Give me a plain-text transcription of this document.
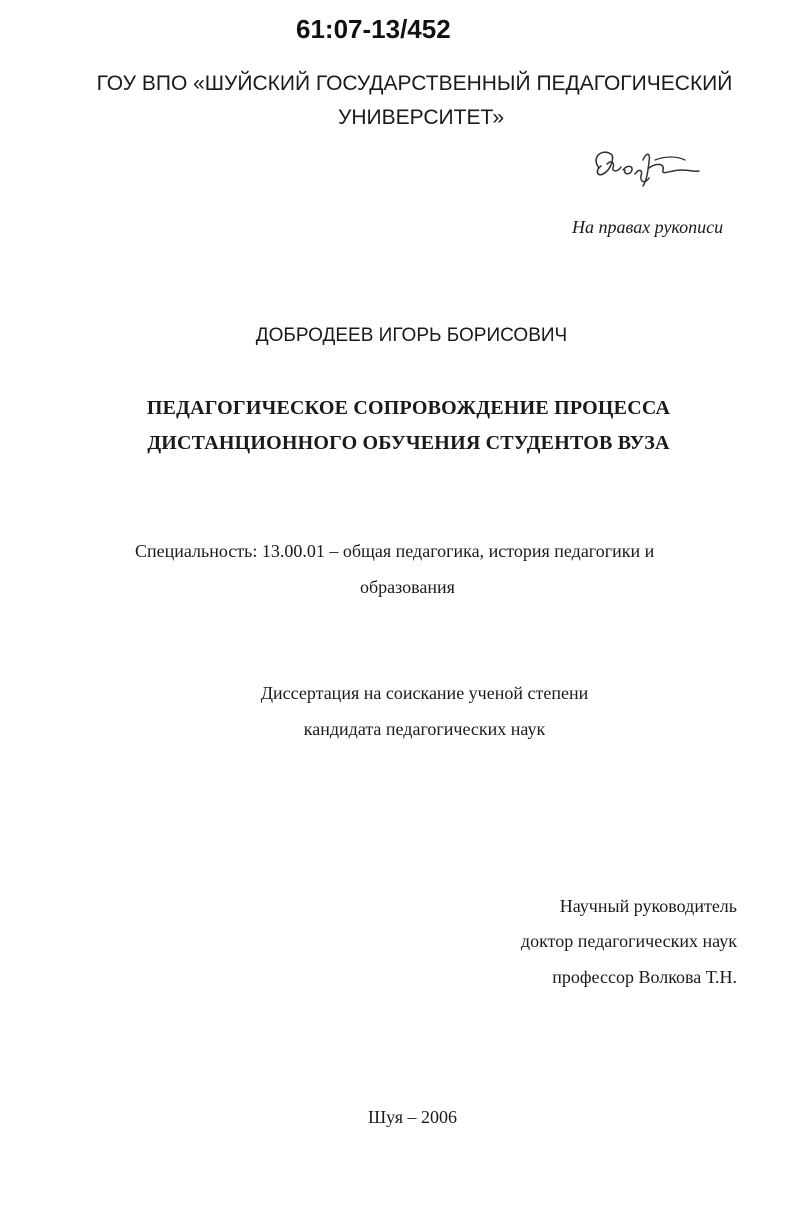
61:07-13/452
ГОУ ВПО «ШУЙСКИЙ ГОСУДАРСТВЕННЫЙ ПЕДАГОГИЧЕСКИЙ
УНИВЕРСИТЕТ»
На правах рукописи
ДОБРОДЕЕВ ИГОРЬ БОРИСОВИЧ
ПЕДАГОГИЧЕСКОЕ СОПРОВОЖДЕНИЕ ПРОЦЕССА
ДИСТАНЦИОННОГО ОБУЧЕНИЯ СТУДЕНТОВ ВУЗА
Специальность: 13.00.01 – общая педагогика, история педагогики и
образования
Диссертация на соискание ученой степени
кандидата педагогических наук
Научный руководитель
доктор педагогических наук
профессор Волкова Т.Н.
Шуя – 2006
